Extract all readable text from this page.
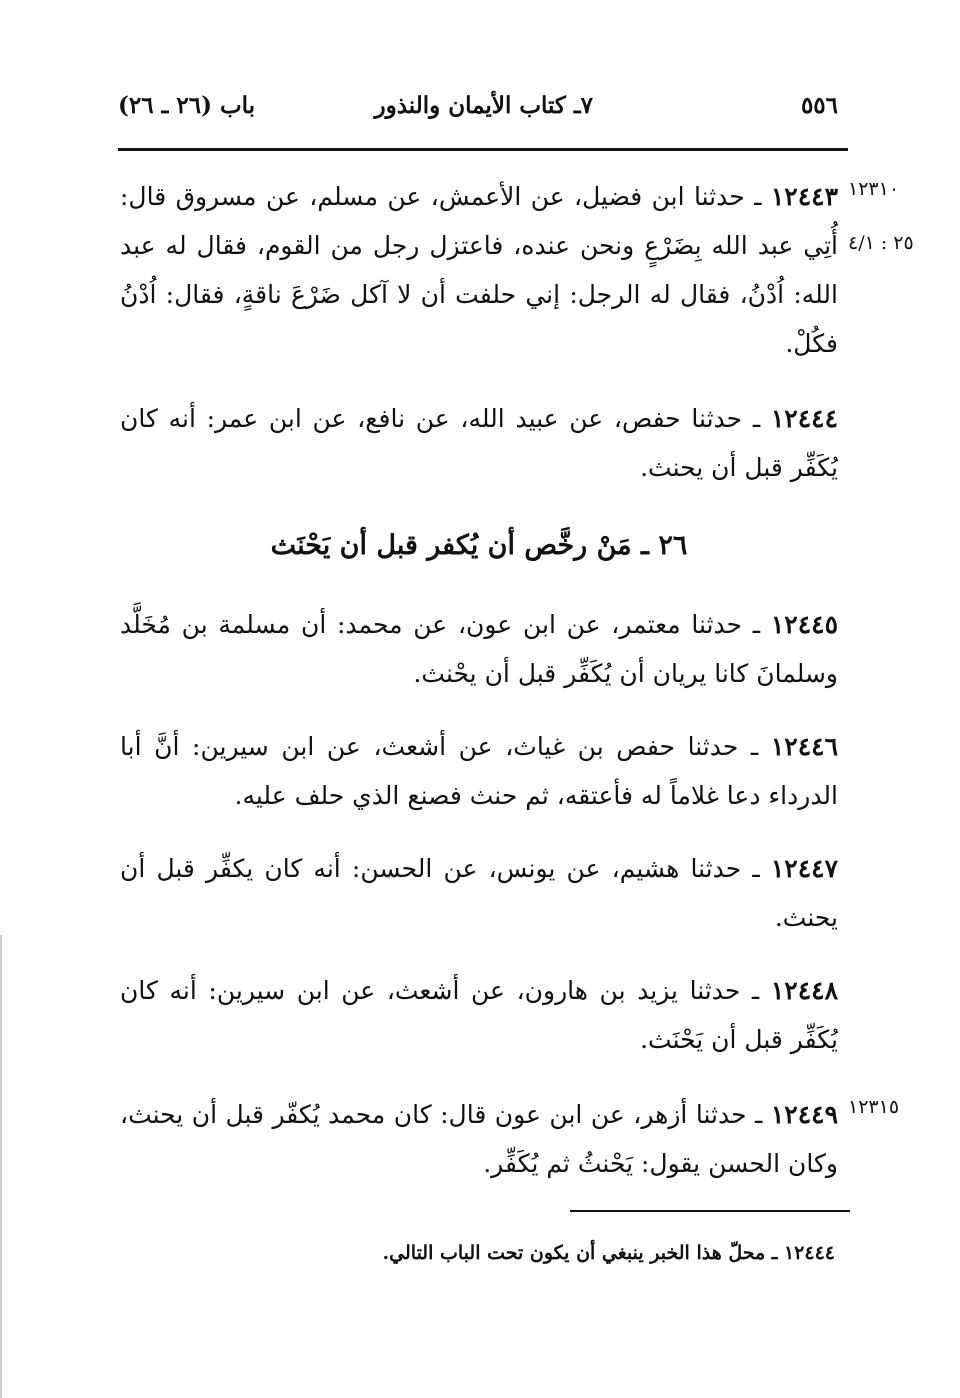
٥٥٦
٧ـ كتاب الأيمان والنذور
باب (٢٦ ـ ٢٦)
١٢٣١٠
٢٥ : ٤/١
١٢٤٤٣ ـ حدثنا ابن فضيل، عن الأعمش، عن مسلم، عن مسروق قال: أُتِي عبد الله بِضَرْعٍ ونحن عنده، فاعتزل رجل من القوم، فقال له عبد الله: اُدْنُ، فقال له الرجل: إني حلفت أن لا آكل ضَرْعَ ناقةٍ، فقال: اُدْنُ فكُلْ.
١٢٤٤٤ ـ حدثنا حفص، عن عبيد الله، عن نافع، عن ابن عمر: أنه كان يُكَفِّر قبل أن يحنث.
٢٦ ـ مَنْ رخَّص أن يُكفر قبل أن يَحْنَث
١٢٤٤٥ ـ حدثنا معتمر، عن ابن عون، عن محمد: أن مسلمة بن مُخَلَّد وسلمانَ كانا يريان أن يُكَفِّر قبل أن يحْنث.
١٢٤٤٦ ـ حدثنا حفص بن غياث، عن أشعث، عن ابن سيرين: أنَّ أبا الدرداء دعا غلاماً له فأعتقه، ثم حنث فصنع الذي حلف عليه.
١٢٤٤٧ ـ حدثنا هشيم، عن يونس، عن الحسن: أنه كان يكفِّر قبل أن يحنث.
١٢٤٤٨ ـ حدثنا يزيد بن هارون، عن أشعث، عن ابن سيرين: أنه كان يُكَفِّر قبل أن يَحْنَث.
١٢٣١٥
١٢٤٤٩ ـ حدثنا أزهر، عن ابن عون قال: كان محمد يُكفّر قبل أن يحنث، وكان الحسن يقول: يَحْنثُ ثم يُكَفِّر.
١٢٤٤٤ ـ محلّ هذا الخبر ينبغي أن يكون تحت الباب التالي.
